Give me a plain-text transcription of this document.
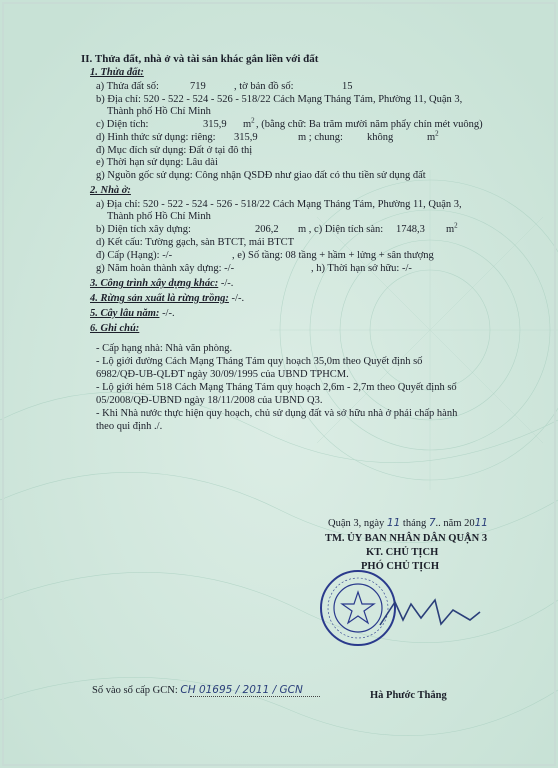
II. Thửa đất, nhà ở và tài sản khác gắn liền với đất
1. Thửa đất:
a) Thửa đất số:	719	, tờ bản đồ số:	15
b) Địa chỉ: 520 - 522 - 524 - 526 - 518/22 Cách Mạng Tháng Tám, Phường 11, Quận 3,
Thành phố Hồ Chí Minh
c) Diện tích:	315,9 $m^2$ , (bằng chữ: Ba trăm mười năm phẩy chín mét vuông)
d) Hình thức sử dụng: riêng: 315,9	m ; chung: không	$m^2$
đ) Mục đích sử dụng: Đất ở tại đô thị
e) Thời hạn sử dụng: Lâu dài
g) Nguồn gốc sử dụng: Công nhận QSDĐ như giao đất có thu tiền sử dụng đất
2. Nhà ở:
a) Địa chỉ: 520 - 522 - 524 - 526 - 518/22 Cách Mạng Tháng Tám, Phường 11, Quận 3,
Thành phố Hồ Chí Minh
b) Diện tích xây dựng:	206,2 m , c) Diện tích sàn: 1748,3 $m^2$
d) Kết cấu: Tường gạch, sàn BTCT, mái BTCT
đ) Cấp (Hạng): -/-	, e) Số tầng: 08 tầng + hầm + lửng + sân thượng
g) Năm hoàn thành xây dựng: -/-	, h) Thời hạn sở hữu: -/-
3. Công trình xây dựng khác: -/-.
4. Rừng sản xuất là rừng trồng: -/-.
5. Cây lâu năm: -/-.
6. Ghi chú:
- Cấp hạng nhà: Nhà văn phòng.
- Lộ giới đường Cách Mạng Tháng Tám quy hoạch 35,0m theo Quyết định số
6982/QĐ-UB-QLĐT ngày 30/09/1995 của UBND TPHCM.
- Lộ giới hẻm 518 Cách Mạng Tháng Tám quy hoạch 2,6m - 2,7m theo Quyết định số
05/2008/QĐ-UBND ngày 18/11/2008 của UBND Q3.
- Khi Nhà nước thực hiện quy hoạch, chủ sử dụng đất và sở hữu nhà ở phải chấp hành
theo qui định ./.
Quận 3, ngày 11 tháng 7.. năm 2011
TM. ỦY BAN NHÂN DÂN QUẬN 3
KT. CHỦ TỊCH
PHÓ CHỦ TỊCH
Hà Phước Thắng
Số vào sổ cấp GCN: CH 01695 / 2011 / GCN
